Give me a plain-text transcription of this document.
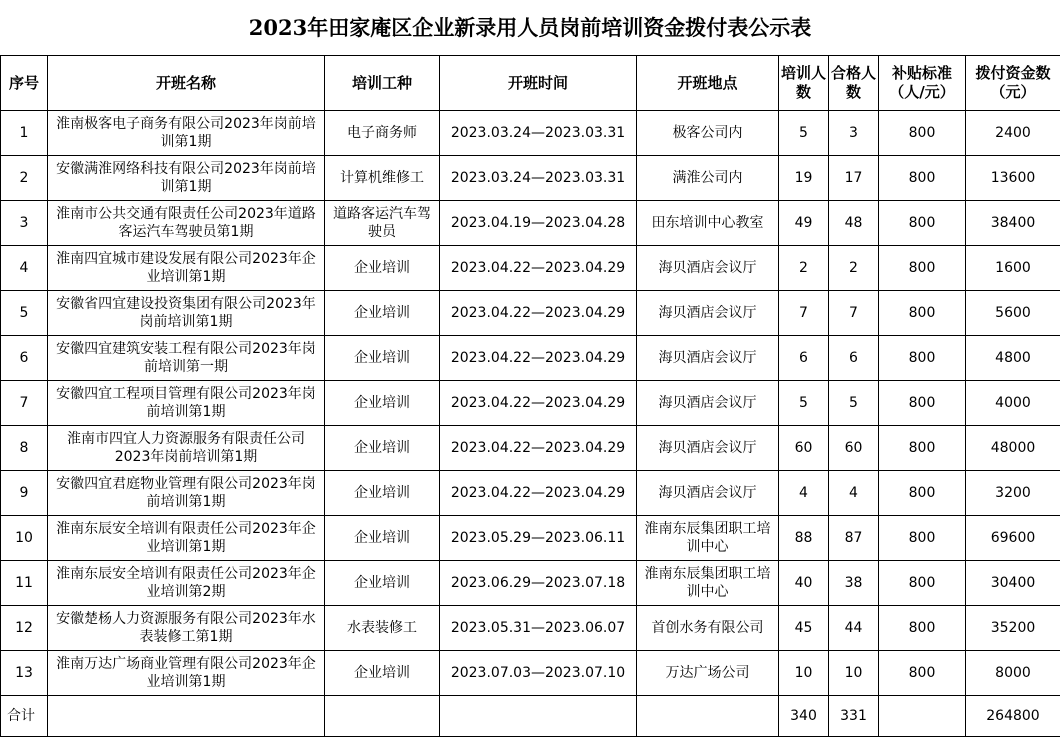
2023年田家庵区企业新录用人员岗前培训资金拨付表公示表
序号	开班名称	培训工种	开班时间	开班地点	培训人数	合格人数	补贴标准（人/元）	拨付资金数（元）
1	淮南极客电子商务有限公司2023年岗前培训第1期	电子商务师	2023.03.24—2023.03.31	极客公司内	5	3	800	2400
2	安徽满淮网络科技有限公司2023年岗前培训第1期	计算机维修工	2023.03.24—2023.03.31	满淮公司内	19	17	800	13600
3	淮南市公共交通有限责任公司2023年道路客运汽车驾驶员第1期	道路客运汽车驾驶员	2023.04.19—2023.04.28	田东培训中心教室	49	48	800	38400
4	淮南四宜城市建设发展有限公司2023年企业培训第1期	企业培训	2023.04.22—2023.04.29	海贝酒店会议厅	2	2	800	1600
5	安徽省四宜建设投资集团有限公司2023年岗前培训第1期	企业培训	2023.04.22—2023.04.29	海贝酒店会议厅	7	7	800	5600
6	安徽四宜建筑安装工程有限公司2023年岗前培训第一期	企业培训	2023.04.22—2023.04.29	海贝酒店会议厅	6	6	800	4800
7	安徽四宜工程项目管理有限公司2023年岗前培训第1期	企业培训	2023.04.22—2023.04.29	海贝酒店会议厅	5	5	800	4000
8	淮南市四宜人力资源服务有限责任公司2023年岗前培训第1期	企业培训	2023.04.22—2023.04.29	海贝酒店会议厅	60	60	800	48000
9	安徽四宜君庭物业管理有限公司2023年岗前培训第1期	企业培训	2023.04.22—2023.04.29	海贝酒店会议厅	4	4	800	3200
10	淮南东辰安全培训有限责任公司2023年企业培训第1期	企业培训	2023.05.29—2023.06.11	淮南东辰集团职工培训中心	88	87	800	69600
11	淮南东辰安全培训有限责任公司2023年企业培训第2期	企业培训	2023.06.29—2023.07.18	淮南东辰集团职工培训中心	40	38	800	30400
12	安徽楚杨人力资源服务有限公司2023年水表装修工第1期	水表装修工	2023.05.31—2023.06.07	首创水务有限公司	45	44	800	35200
13	淮南万达广场商业管理有限公司2023年企业培训第1期	企业培训	2023.07.03—2023.07.10	万达广场公司	10	10	800	8000
合计					340	331		264800
